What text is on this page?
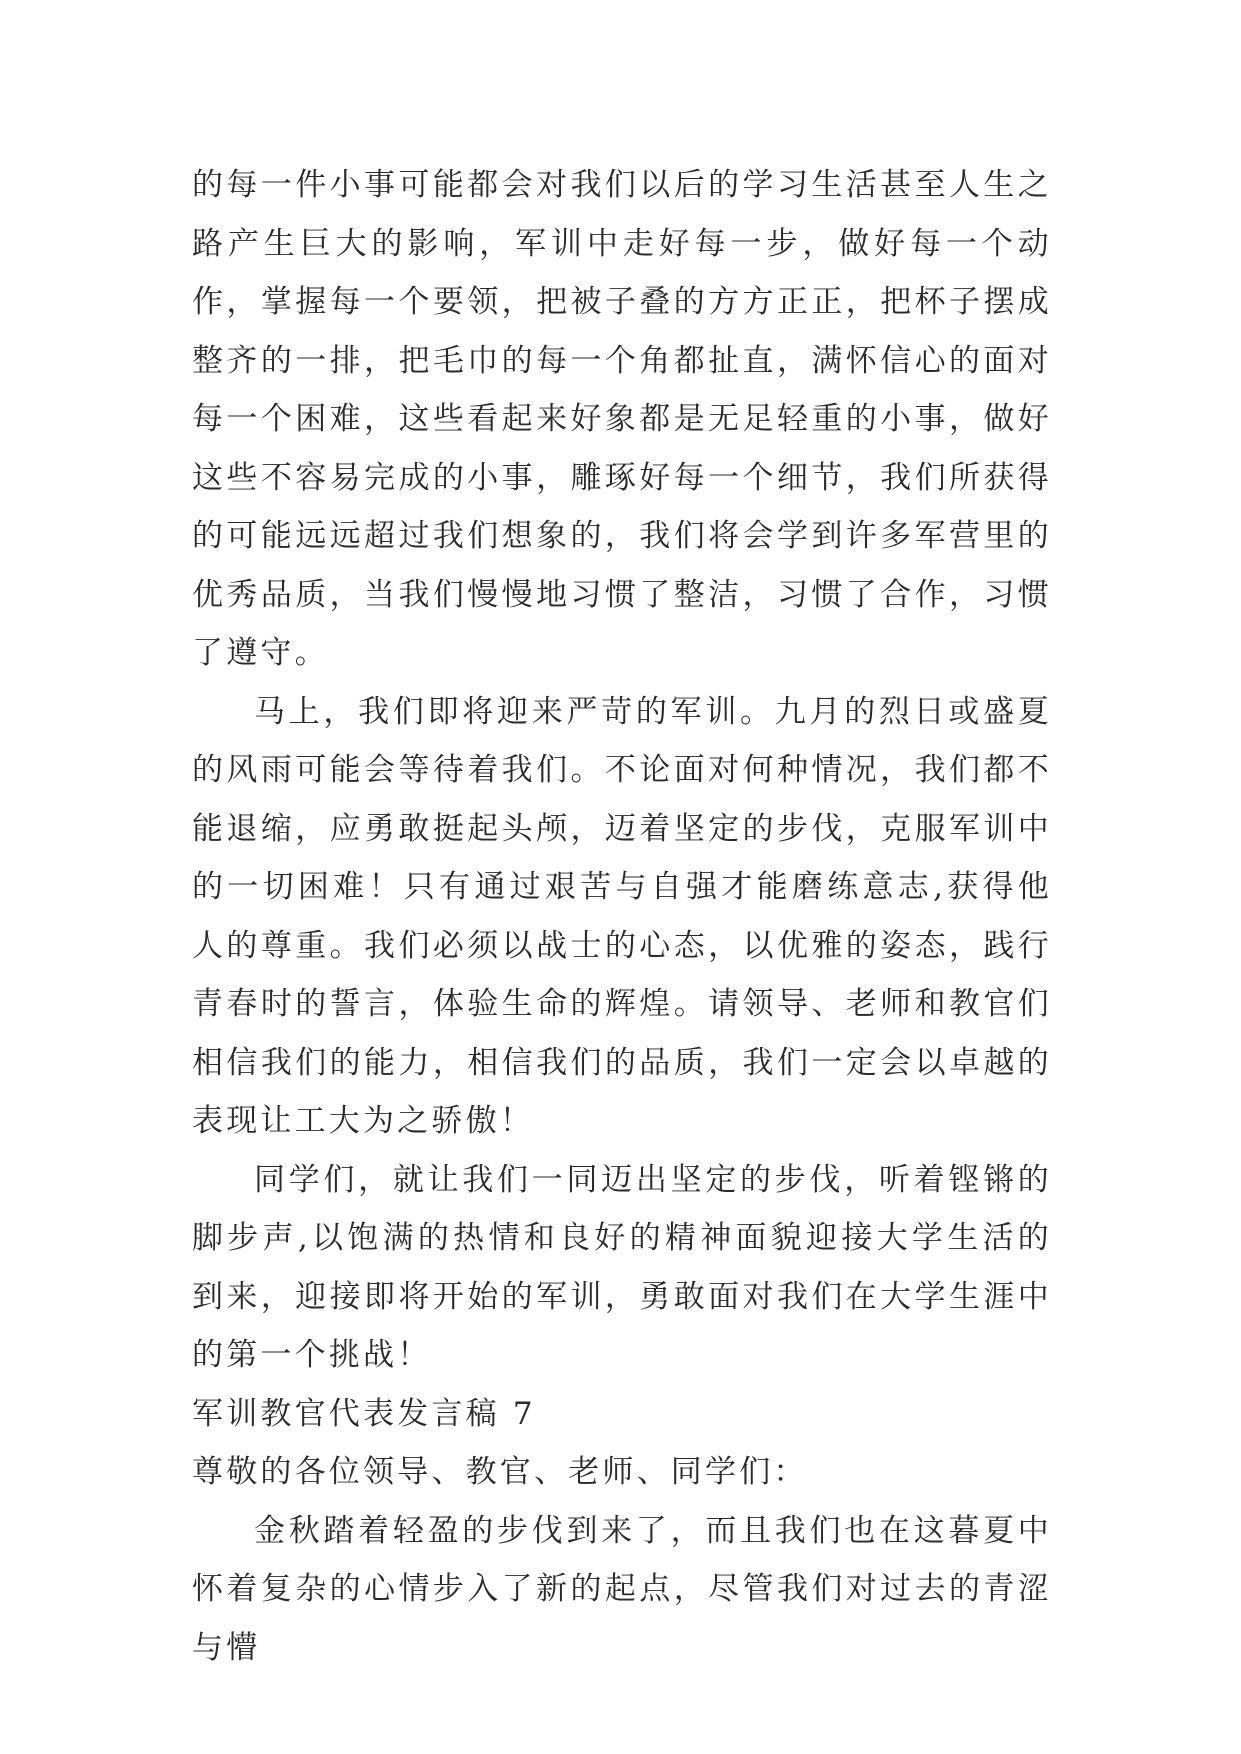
的每一件小事可能都会对我们以后的学习生活甚至人生之路产生巨大的影响，军训中走好每一步，做好每一个动作，掌握每一个要领，把被子叠的方方正正，把杯子摆成整齐的一排，把毛巾的每一个角都扯直，满怀信心的面对每一个困难，这些看起来好象都是无足轻重的小事，做好这些不容易完成的小事，雕琢好每一个细节，我们所获得的可能远远超过我们想象的，我们将会学到许多军营里的优秀品质，当我们慢慢地习惯了整洁，习惯了合作，习惯了遵守。

马上，我们即将迎来严苛的军训。九月的烈日或盛夏的风雨可能会等待着我们。不论面对何种情况，我们都不能退缩，应勇敢挺起头颅，迈着坚定的步伐，克服军训中的一切困难！只有通过艰苦与自强才能磨练意志,获得他人的尊重。我们必须以战士的心态，以优雅的姿态，践行青春时的誓言，体验生命的辉煌。请领导、老师和教官们相信我们的能力，相信我们的品质，我们一定会以卓越的表现让工大为之骄傲！

同学们，就让我们一同迈出坚定的步伐，听着铿锵的脚步声,以饱满的热情和良好的精神面貌迎接大学生活的到来，迎接即将开始的军训，勇敢面对我们在大学生涯中的第一个挑战！

军训教官代表发言稿 7

尊敬的各位领导、教官、老师、同学们：

金秋踏着轻盈的步伐到来了，而且我们也在这暮夏中怀着复杂的心情步入了新的起点，尽管我们对过去的青涩与懵
